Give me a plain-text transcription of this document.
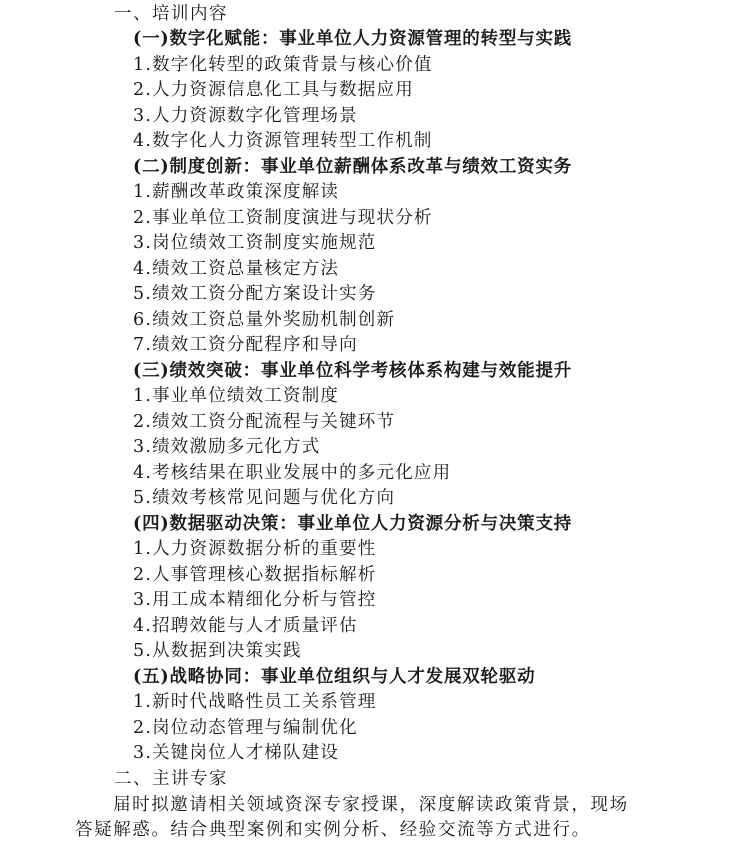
一、培训内容
(一)数字化赋能：事业单位人力资源管理的转型与实践
1.数字化转型的政策背景与核心价值
2.人力资源信息化工具与数据应用
3.人力资源数字化管理场景
4.数字化人力资源管理转型工作机制
(二)制度创新：事业单位薪酬体系改革与绩效工资实务
1.薪酬改革政策深度解读
2.事业单位工资制度演进与现状分析
3.岗位绩效工资制度实施规范
4.绩效工资总量核定方法
5.绩效工资分配方案设计实务
6.绩效工资总量外奖励机制创新
7.绩效工资分配程序和导向
(三)绩效突破：事业单位科学考核体系构建与效能提升
1.事业单位绩效工资制度
2.绩效工资分配流程与关键环节
3.绩效激励多元化方式
4.考核结果在职业发展中的多元化应用
5.绩效考核常见问题与优化方向
(四)数据驱动决策：事业单位人力资源分析与决策支持
1.人力资源数据分析的重要性
2.人事管理核心数据指标解析
3.用工成本精细化分析与管控
4.招聘效能与人才质量评估
5.从数据到决策实践
(五)战略协同：事业单位组织与人才发展双轮驱动
1.新时代战略性员工关系管理
2.岗位动态管理与编制优化
3.关键岗位人才梯队建设
二、主讲专家
届时拟邀请相关领域资深专家授课，深度解读政策背景，现场
答疑解惑。结合典型案例和实例分析、经验交流等方式进行。
